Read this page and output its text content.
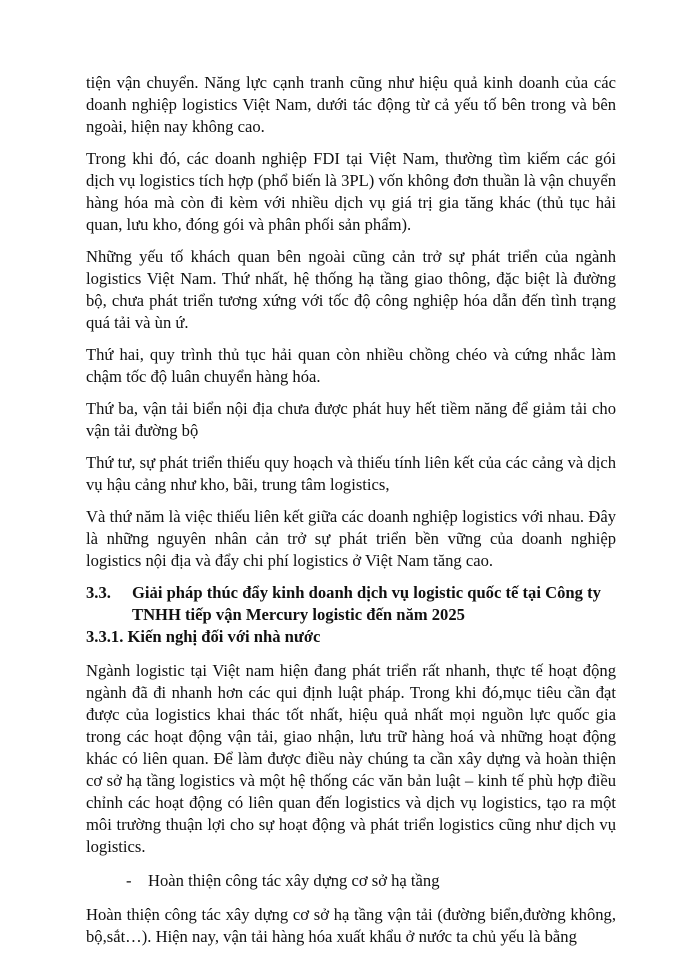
tiện vận chuyển. Năng lực cạnh tranh cũng như hiệu quả kinh doanh của các doanh nghiệp logistics Việt Nam, dưới tác động từ cả yếu tố bên trong và bên ngoài, hiện nay không cao.

Trong khi đó, các doanh nghiệp FDI tại Việt Nam, thường tìm kiếm các gói dịch vụ logistics tích hợp (phổ biến là 3PL) vốn không đơn thuần là vận chuyển hàng hóa mà còn đi kèm với nhiều dịch vụ giá trị gia tăng khác (thủ tục hải quan, lưu kho, đóng gói và phân phối sản phẩm).

Những yếu tố khách quan bên ngoài cũng cản trở sự phát triển của ngành logistics Việt Nam. Thứ nhất, hệ thống hạ tầng giao thông, đặc biệt là đường bộ, chưa phát triển tương xứng với tốc độ công nghiệp hóa dẫn đến tình trạng quá tải và ùn ứ.

Thứ hai, quy trình thủ tục hải quan còn nhiều chồng chéo và cứng nhắc làm chậm tốc độ luân chuyển hàng hóa.

Thứ ba, vận tải biển nội địa chưa được phát huy hết tiềm năng để giảm tải cho vận tải đường bộ

Thứ tư, sự phát triển thiếu quy hoạch và thiếu tính liên kết của các cảng và dịch vụ hậu cảng như kho, bãi, trung tâm logistics,

Và thứ năm là việc thiếu liên kết giữa các doanh nghiệp logistics với nhau. Đây là những nguyên nhân cản trở sự phát triển bền vững của doanh nghiệp logistics nội địa và đẩy chi phí logistics ở Việt Nam tăng cao.

3.3.	Giải pháp thúc đẩy kinh doanh dịch vụ logistic quốc tế tại Công ty TNHH tiếp vận Mercury logistic đến năm 2025

3.3.1. Kiến nghị đối với nhà nước

Ngành logistic tại Việt nam hiện đang phát triển rất nhanh, thực tế hoạt động ngành đã đi nhanh hơn các qui định luật pháp. Trong khi đó,mục tiêu cần đạt được của logistics khai thác tốt nhất, hiệu quả nhất mọi nguồn lực quốc gia trong các hoạt động vận tải, giao nhận, lưu trữ hàng hoá và những hoạt động khác có liên quan. Để làm được điều này chúng ta cần xây dựng và hoàn thiện cơ sở hạ tầng logistics và một hệ thống các văn bản luật – kinh tế phù hợp điều chỉnh các hoạt động có liên quan đến logistics và dịch vụ logistics, tạo ra một môi trường thuận lợi cho sự hoạt động và phát triển logistics cũng như dịch vụ logistics.

- Hoàn thiện công tác xây dựng cơ sở hạ tầng

Hoàn thiện công tác xây dựng cơ sở hạ tầng vận tải (đường biển,đường không, bộ,sắt…). Hiện nay, vận tải hàng hóa xuất khẩu ở nước ta chủ yếu là bằng
